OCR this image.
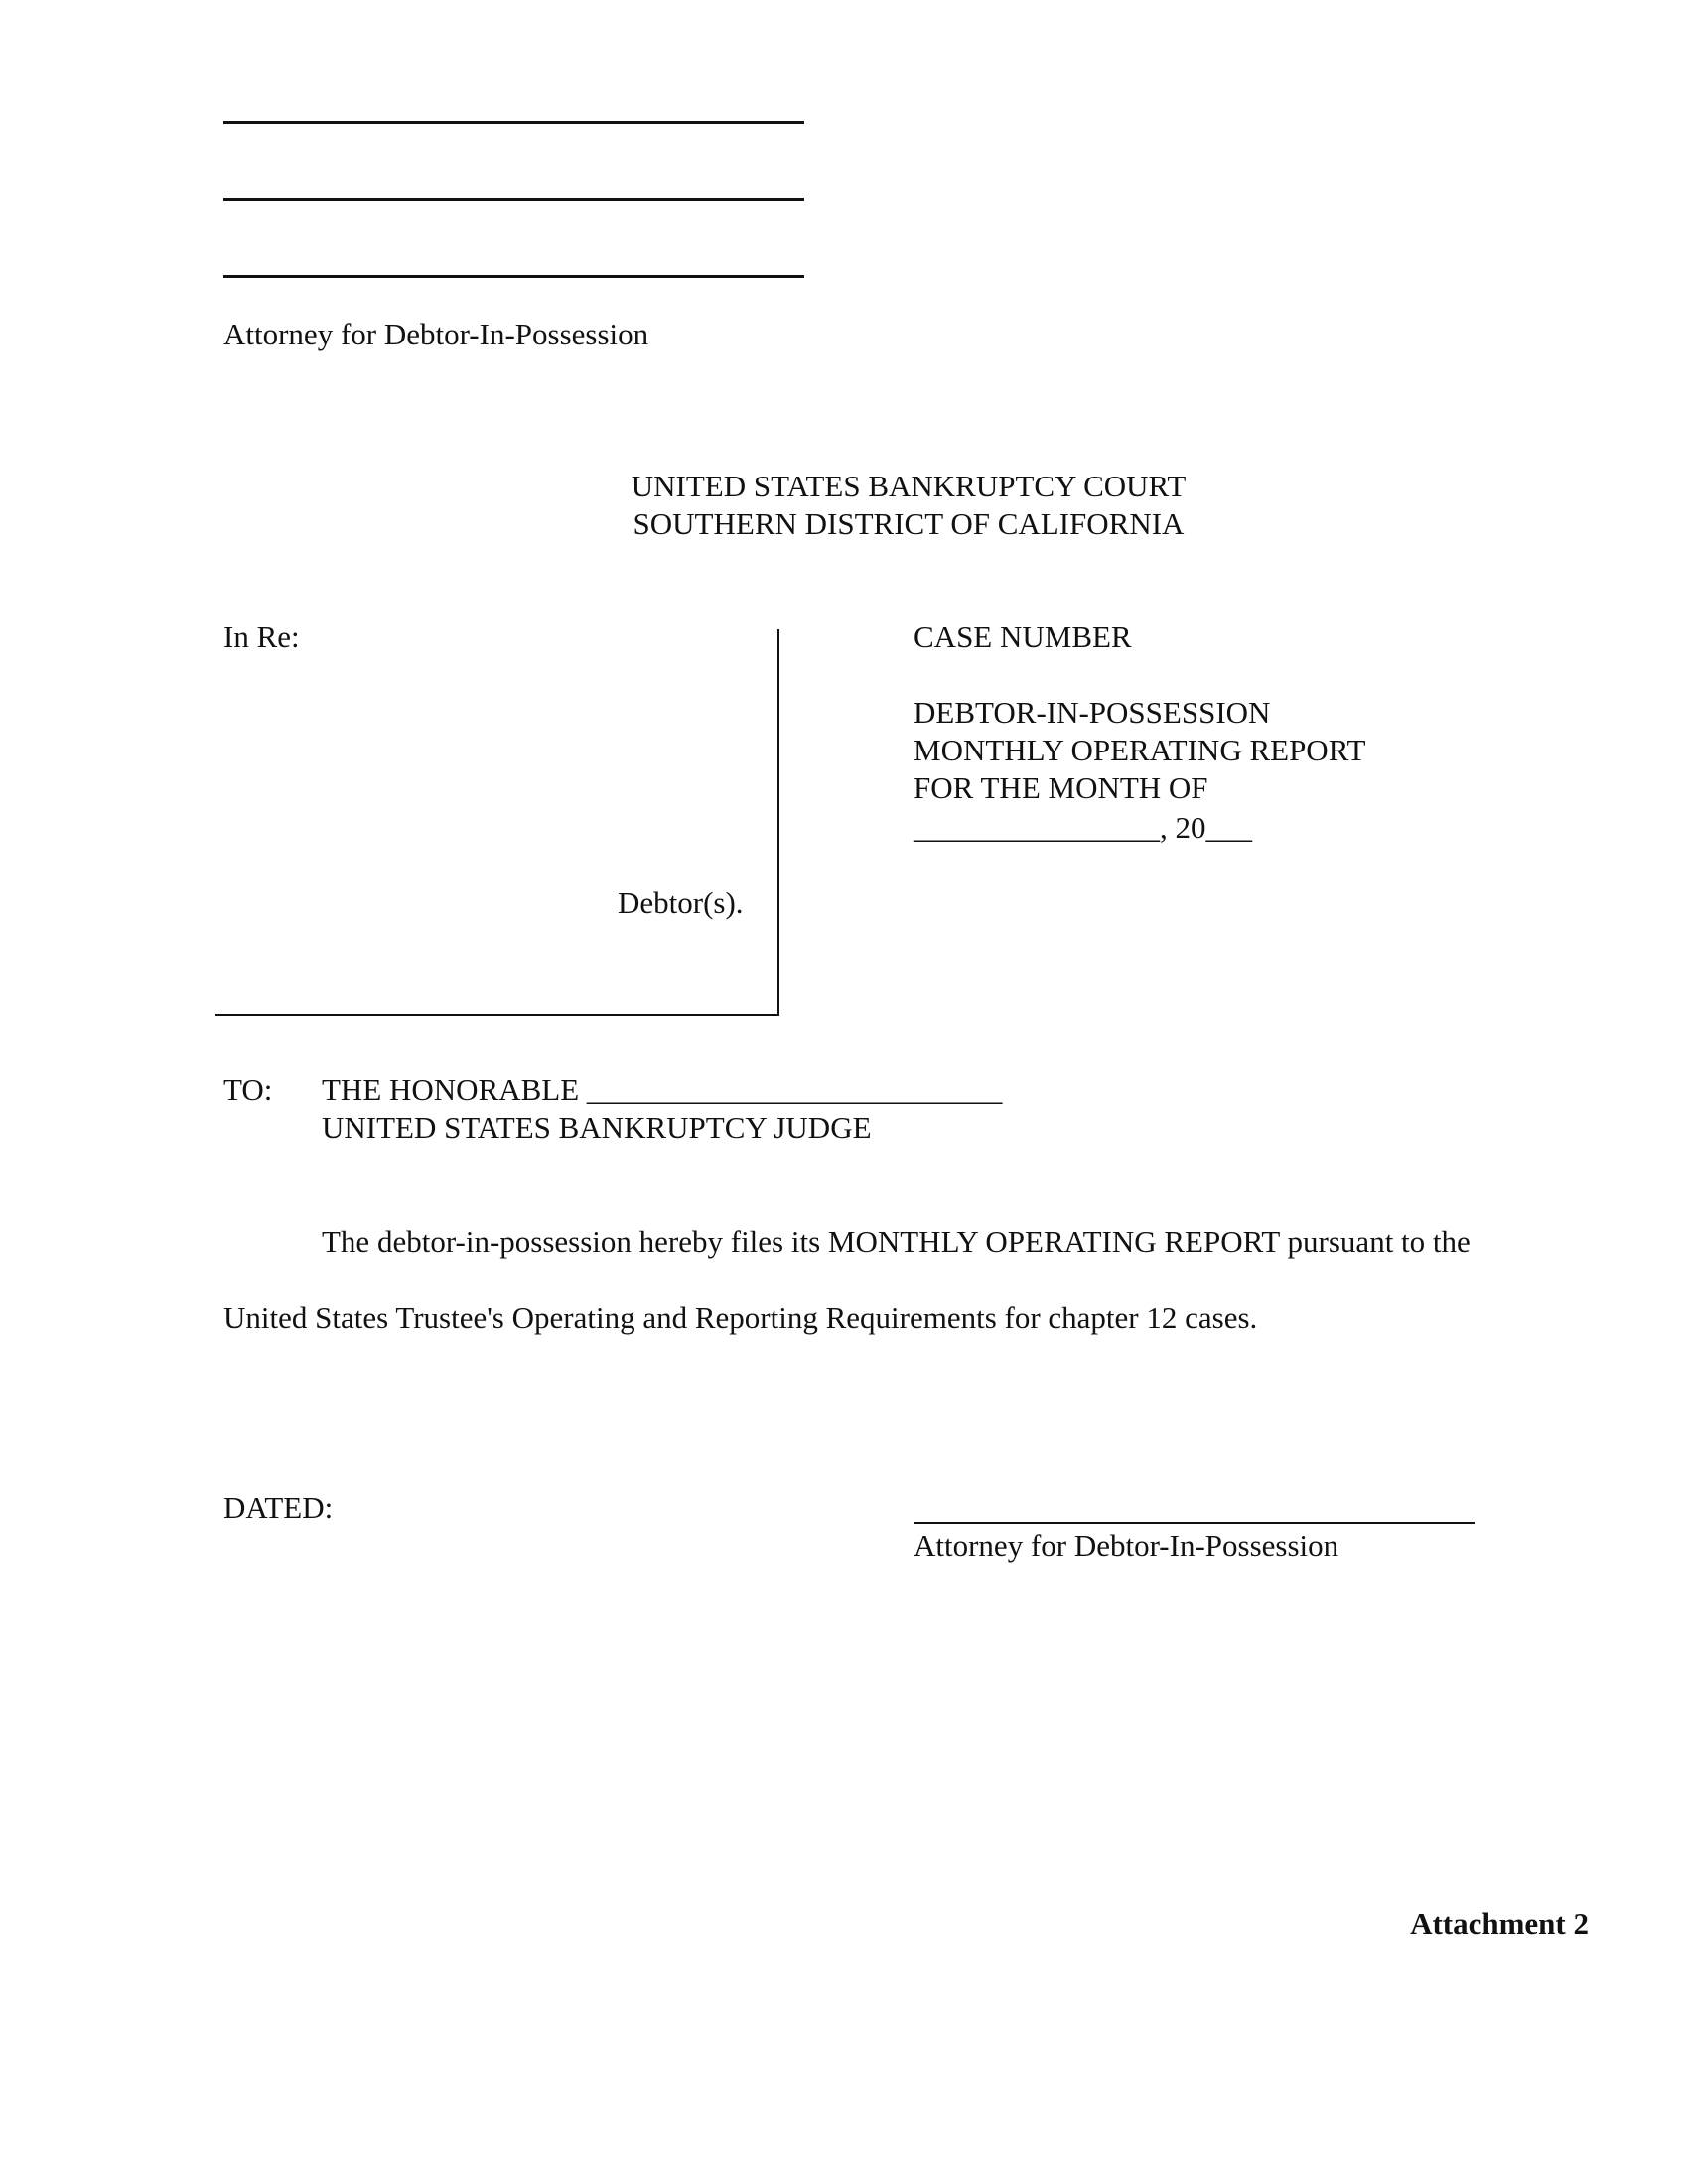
Attorney for Debtor-In-Possession
UNITED STATES BANKRUPTCY COURT
SOUTHERN DISTRICT OF CALIFORNIA
In Re:
Debtor(s).
CASE NUMBER
DEBTOR-IN-POSSESSION
MONTHLY OPERATING REPORT
FOR THE MONTH OF
________________, 20___
TO: THE HONORABLE ___________________________
UNITED STATES BANKRUPTCY JUDGE
The debtor-in-possession hereby files its MONTHLY OPERATING REPORT pursuant to the
United States Trustee's Operating and Reporting Requirements for chapter 12 cases.
DATED:
Attorney for Debtor-In-Possession
Attachment 2
